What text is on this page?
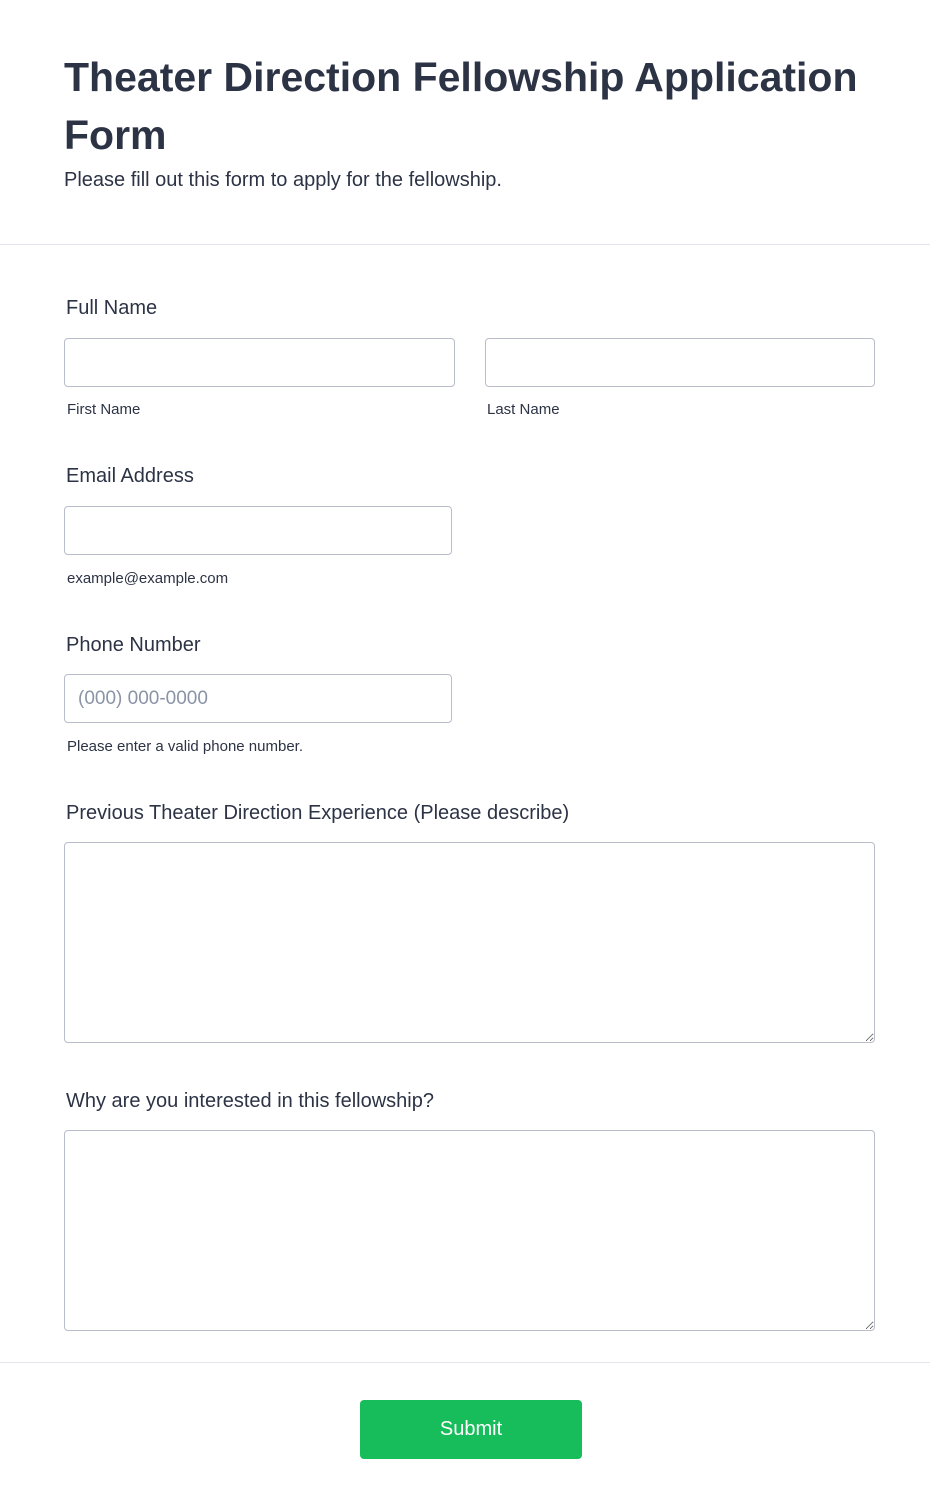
Theater Direction Fellowship Application Form

Please fill out this form to apply for the fellowship.

Full Name
First Name	Last Name
Email Address
example@example.com
Phone Number
(000) 000-0000
Please enter a valid phone number.
Previous Theater Direction Experience (Please describe)
Why are you interested in this fellowship?
Submit
